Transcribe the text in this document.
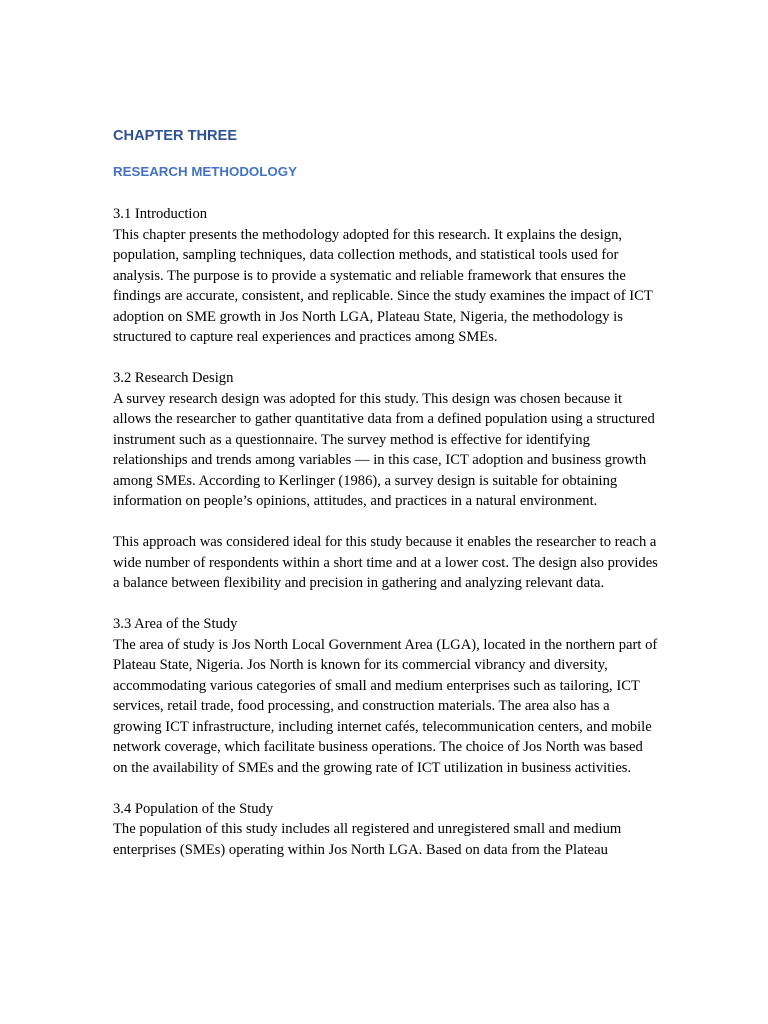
CHAPTER THREE
RESEARCH METHODOLOGY
3.1 Introduction

This chapter presents the methodology adopted for this research. It explains the design, population, sampling techniques, data collection methods, and statistical tools used for analysis. The purpose is to provide a systematic and reliable framework that ensures the findings are accurate, consistent, and replicable. Since the study examines the impact of ICT adoption on SME growth in Jos North LGA, Plateau State, Nigeria, the methodology is structured to capture real experiences and practices among SMEs.

3.2 Research Design

A survey research design was adopted for this study. This design was chosen because it allows the researcher to gather quantitative data from a defined population using a structured instrument such as a questionnaire. The survey method is effective for identifying relationships and trends among variables — in this case, ICT adoption and business growth among SMEs. According to Kerlinger (1986), a survey design is suitable for obtaining information on people’s opinions, attitudes, and practices in a natural environment.

This approach was considered ideal for this study because it enables the researcher to reach a wide number of respondents within a short time and at a lower cost. The design also provides a balance between flexibility and precision in gathering and analyzing relevant data.

3.3 Area of the Study

The area of study is Jos North Local Government Area (LGA), located in the northern part of Plateau State, Nigeria. Jos North is known for its commercial vibrancy and diversity, accommodating various categories of small and medium enterprises such as tailoring, ICT services, retail trade, food processing, and construction materials. The area also has a growing ICT infrastructure, including internet cafés, telecommunication centers, and mobile network coverage, which facilitate business operations. The choice of Jos North was based on the availability of SMEs and the growing rate of ICT utilization in business activities.

3.4 Population of the Study

The population of this study includes all registered and unregistered small and medium enterprises (SMEs) operating within Jos North LGA. Based on data from the Plateau
